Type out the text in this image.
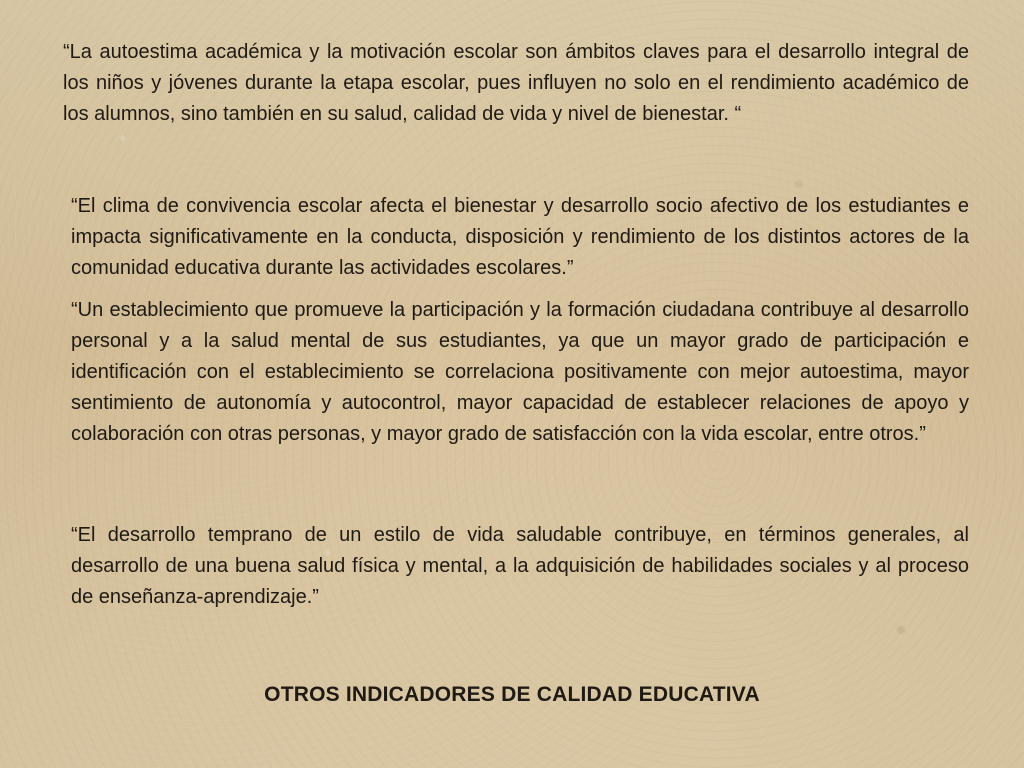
“La autoestima académica y la motivación escolar son ámbitos claves para el desarrollo integral de los niños y jóvenes durante la etapa escolar, pues influyen no solo en el rendimiento académico de los alumnos, sino también en su salud, calidad de vida y nivel de bienestar. “

“El clima de convivencia escolar afecta el bienestar y desarrollo socio afectivo de los estudiantes e impacta significativamente en la conducta, disposición y rendimiento de los distintos actores de la comunidad educativa durante las actividades escolares.”

“Un establecimiento que promueve la participación y la formación ciudadana contribuye al desarrollo personal y a la salud mental de sus estudiantes, ya que un mayor grado de participación e identificación con el establecimiento se correlaciona positivamente con mejor autoestima, mayor sentimiento de autonomía y autocontrol, mayor capacidad de establecer relaciones de apoyo y colaboración con otras personas, y mayor grado de satisfacción con la vida escolar, entre otros.”

“El desarrollo temprano de un estilo de vida saludable contribuye, en términos generales, al desarrollo de una buena salud física y mental, a la adquisición de habilidades sociales y al proceso de enseñanza-aprendizaje.”

OTROS INDICADORES DE CALIDAD EDUCATIVA
